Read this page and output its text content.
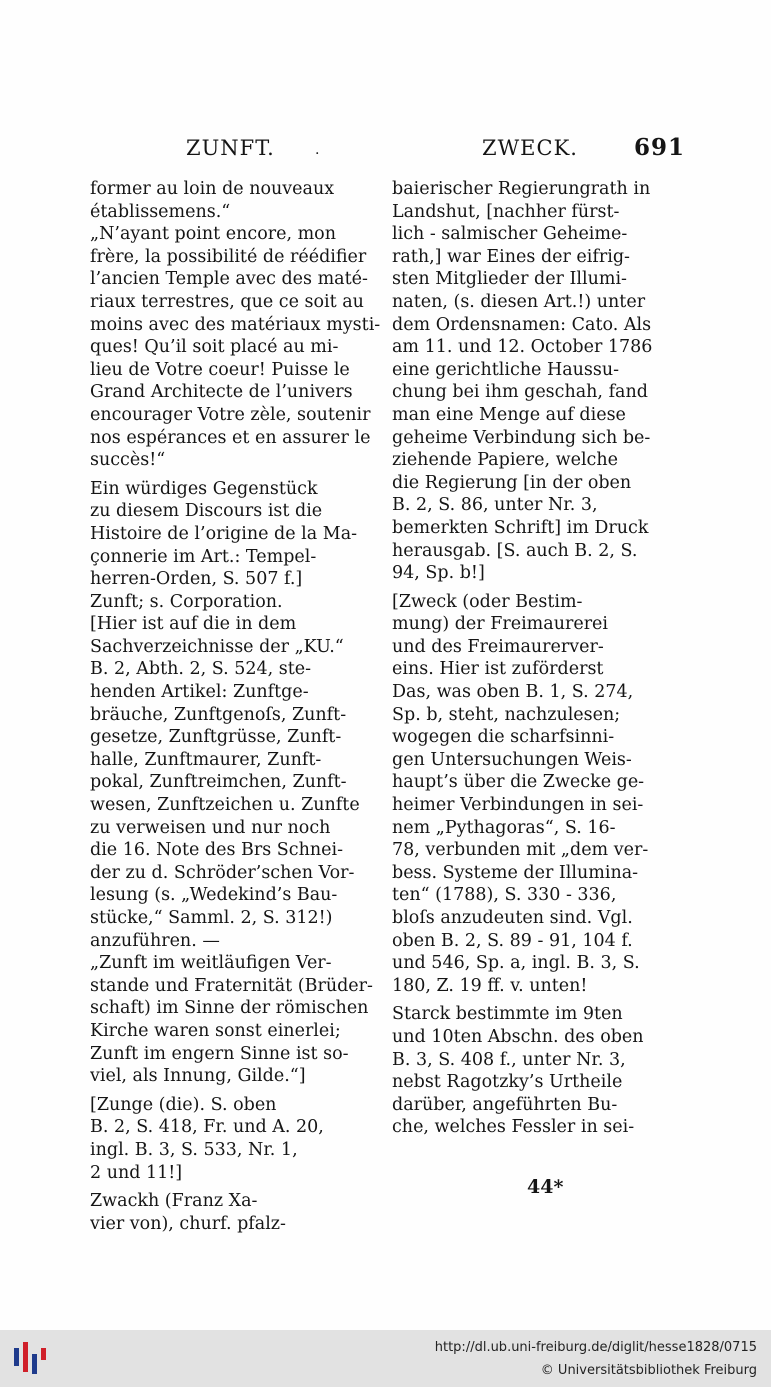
ZUNFT.	.	ZWECK. 691
former au loin de nouveaux
établissemens.“
„N’ayant point encore, mon
frère, la possibilité de réédifier
l’ancien Temple avec des maté-
riaux terrestres, que ce soit au
moins avec des matériaux mysti-
ques! Qu’il soit placé au mi-
lieu de Votre coeur! Puisse le
Grand Architecte de l’univers
encourager Votre zèle, soutenir
nos espérances et en assurer le
succès!“
Ein würdiges Gegenstück
zu diesem Discours ist die
Histoire de l’origine de la Ma-
çonnerie im Art.: Tempel-
herren-Orden, S. 507 f.]
Zunft; s. Corporation.
[Hier ist auf die in dem
Sachverzeichnisse der „KU.“
B. 2, Abth. 2, S. 524, ste-
henden Artikel: Zunftge-
bräuche, Zunftgenoſs, Zunft-
gesetze, Zunftgrüsse, Zunft-
halle, Zunftmaurer, Zunft-
pokal, Zunftreimchen, Zunft-
wesen, Zunftzeichen u. Zunfte
zu verweisen und nur noch
die 16. Note des Brs Schnei-
der zu d. Schröder’schen Vor-
lesung (s. „Wedekind’s Bau-
stücke,“ Samml. 2, S. 312!)
anzuführen. —
„Zunft im weitläufigen Ver-
stande und Fraternität (Brüder-
schaft) im Sinne der römischen
Kirche waren sonst einerlei;
Zunft im engern Sinne ist so-
viel, als Innung, Gilde.“]
[Zunge (die). S. oben
B. 2, S. 418, Fr. und A. 20,
ingl. B. 3, S. 533, Nr. 1,
2 und 11!]
Zwackh (Franz Xa-
vier von), churf. pfalz-
baierischer Regierungrath in
Landshut, [nachher fürst-
lich - salmischer Geheime-
rath,] war Eines der eifrig-
sten Mitglieder der Illumi-
naten, (s. diesen Art.!) unter
dem Ordensnamen: Cato. Als
am 11. und 12. October 1786
eine gerichtliche Haussu-
chung bei ihm geschah, fand
man eine Menge auf diese
geheime Verbindung sich be-
ziehende Papiere, welche
die Regierung [in der oben
B. 2, S. 86, unter Nr. 3,
bemerkten Schrift] im Druck
herausgab. [S. auch B. 2, S.
94, Sp. b!]
[Zweck (oder Bestim-
mung) der Freimaurerei
und des Freimaurerver-
eins. Hier ist zuförderst
Das, was oben B. 1, S. 274,
Sp. b, steht, nachzulesen;
wogegen die scharfsinni-
gen Untersuchungen Weis-
haupt’s über die Zwecke ge-
heimer Verbindungen in sei-
nem „Pythagoras“, S. 16-
78, verbunden mit „dem ver-
bess. Systeme der Illumina-
ten“ (1788), S. 330 - 336,
bloſs anzudeuten sind. Vgl.
oben B. 2, S. 89 - 91, 104 f.
und 546, Sp. a, ingl. B. 3, S.
180, Z. 19 ff. v. unten!
Starck bestimmte im 9ten
und 10ten Abschn. des oben
B. 3, S. 408 f., unter Nr. 3,
nebst Ragotzky’s Urtheile
darüber, angeführten Bu-
che, welches Fessler in sei-
44*
http://dl.ub.uni-freiburg.de/diglit/hesse1828/0715
© Universitätsbibliothek Freiburg
